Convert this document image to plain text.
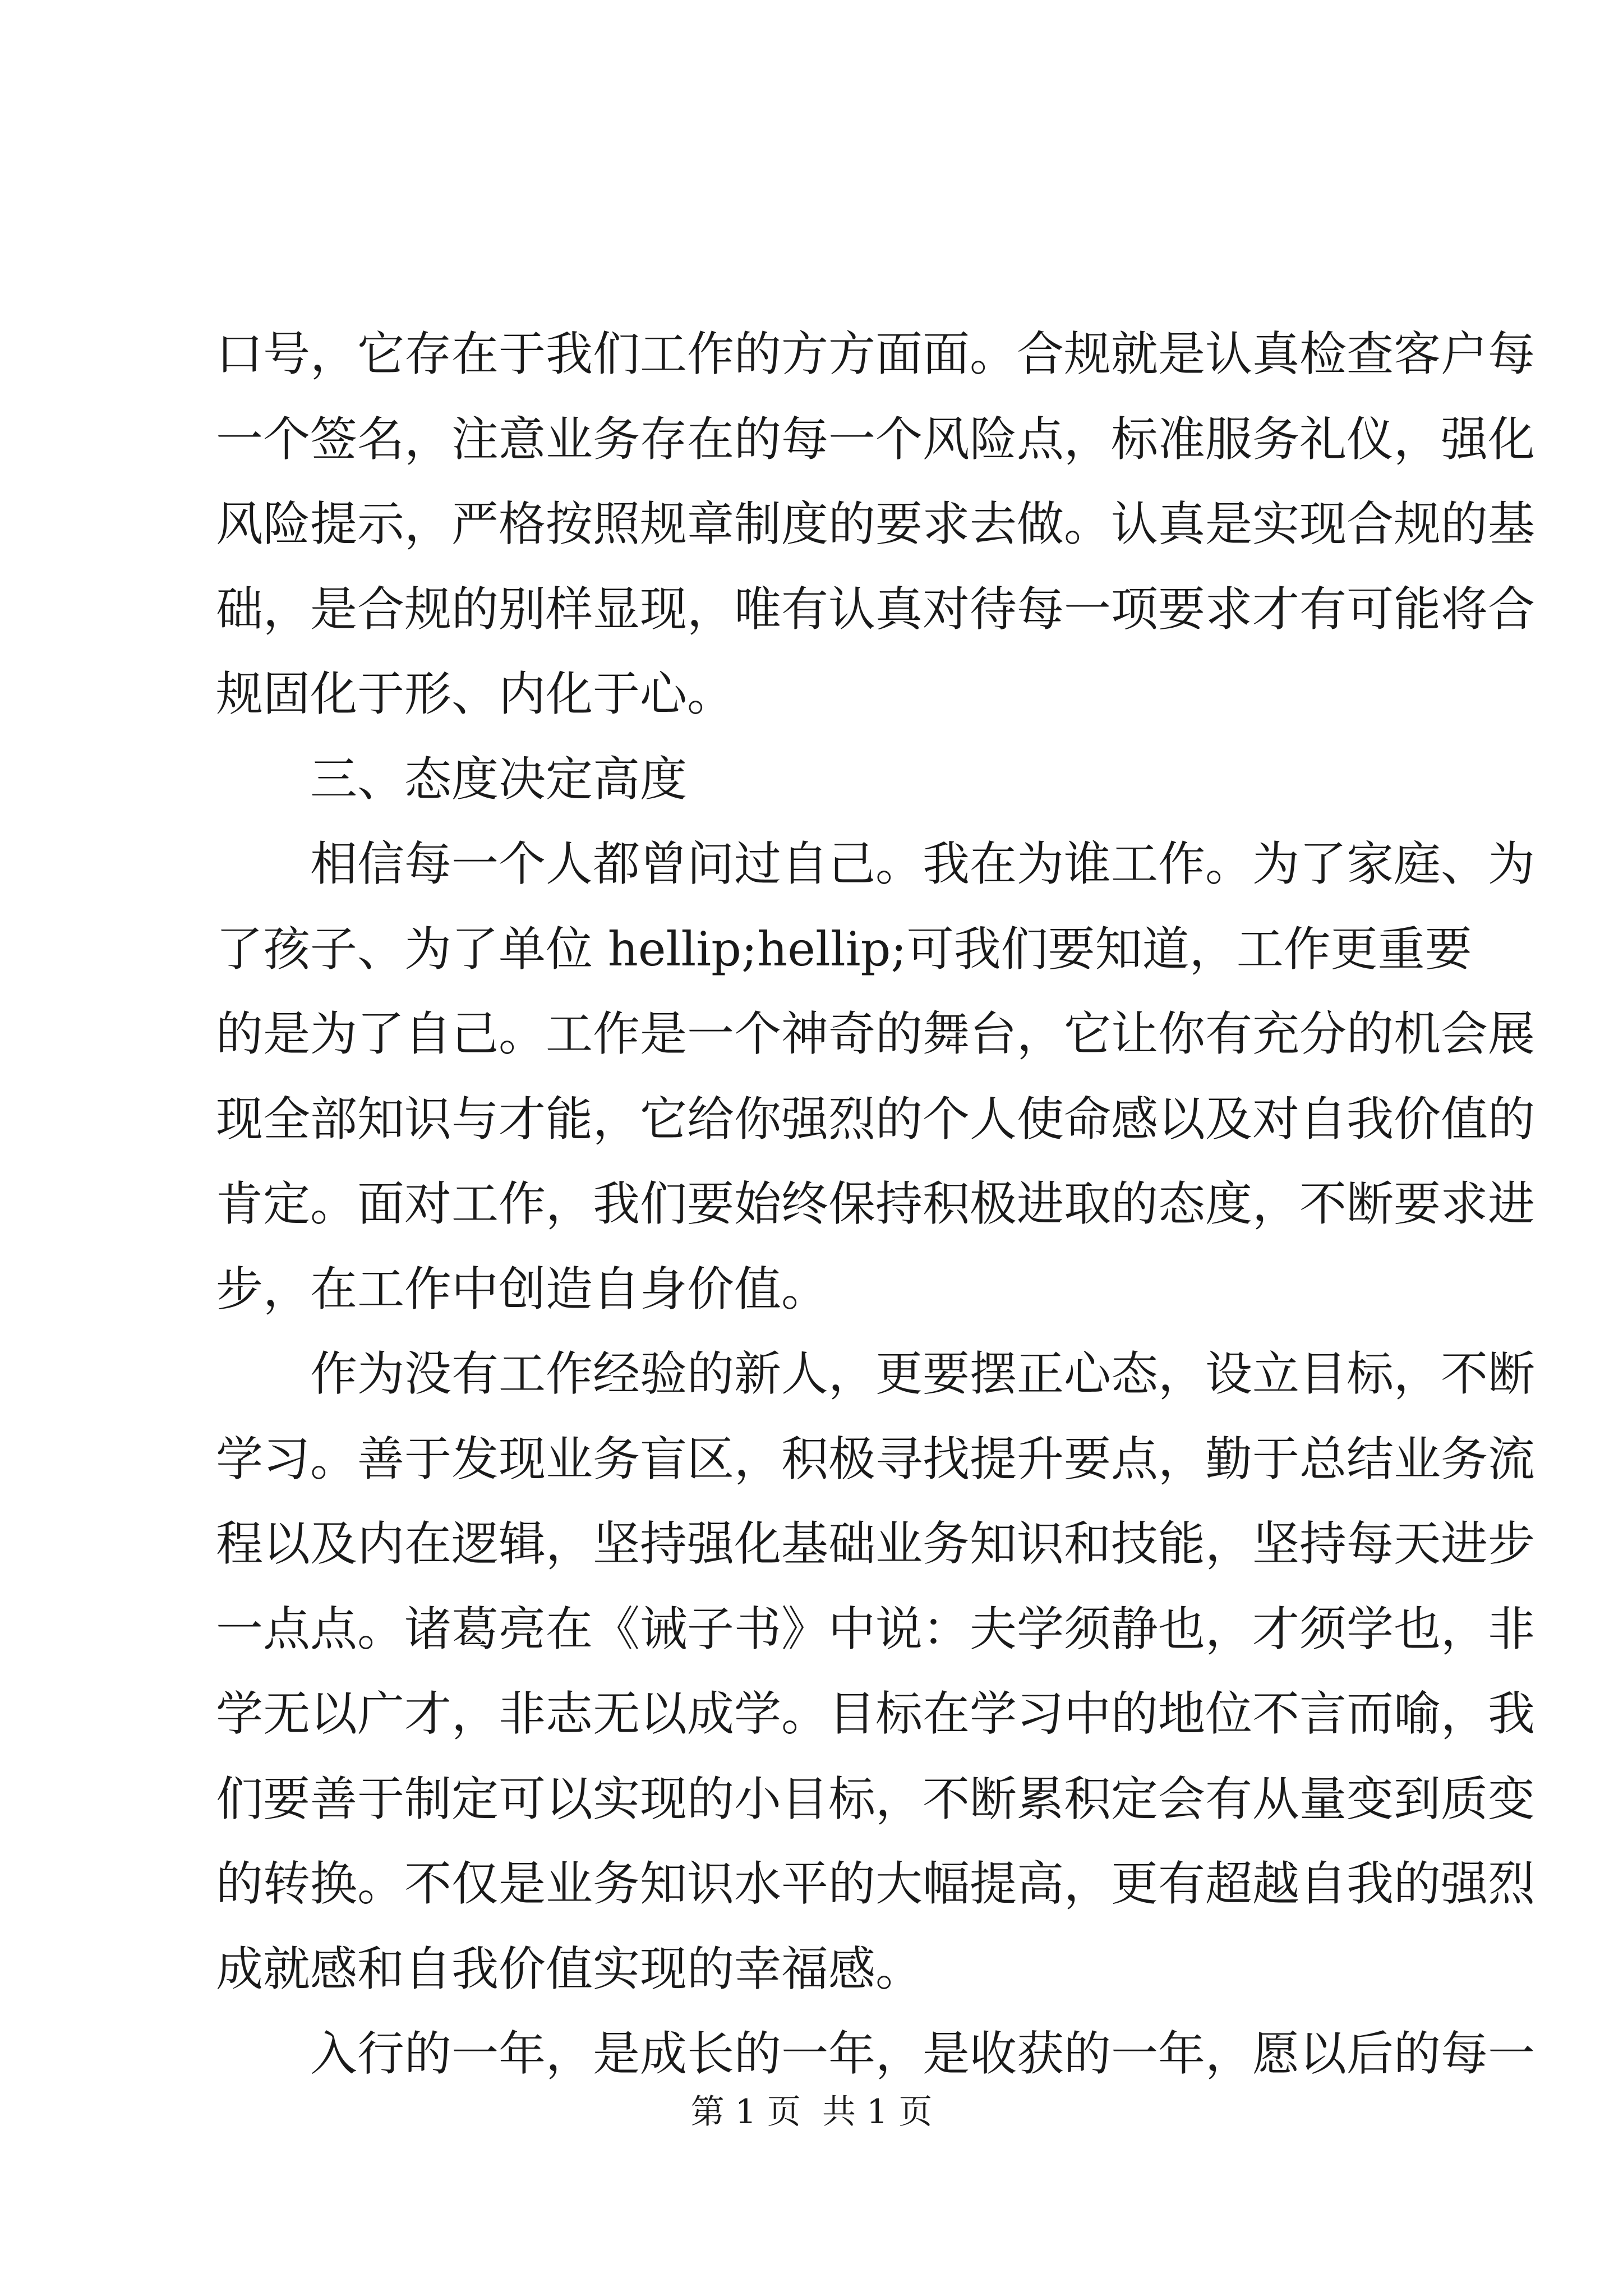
口号，它存在于我们工作的方方面面。合规就是认真检查客户每

一个签名，注意业务存在的每一个风险点，标准服务礼仪，强化

风险提示，严格按照规章制度的要求去做。认真是实现合规的基

础，是合规的别样显现，唯有认真对待每一项要求才有可能将合

规固化于形、内化于心。

三、态度决定高度

相信每一个人都曾问过自己。我在为谁工作。为了家庭、为

了孩子、为了单位 hellip;hellip;可我们要知道，工作更重要

的是为了自己。工作是一个神奇的舞台，它让你有充分的机会展

现全部知识与才能，它给你强烈的个人使命感以及对自我价值的

肯定。面对工作，我们要始终保持积极进取的态度，不断要求进

步，在工作中创造自身价值。

作为没有工作经验的新人，更要摆正心态，设立目标，不断

学习。善于发现业务盲区，积极寻找提升要点，勤于总结业务流

程以及内在逻辑，坚持强化基础业务知识和技能，坚持每天进步

一点点。诸葛亮在《诫子书》中说：夫学须静也，才须学也，非

学无以广才，非志无以成学。目标在学习中的地位不言而喻，我

们要善于制定可以实现的小目标，不断累积定会有从量变到质变

的转换。不仅是业务知识水平的大幅提高，更有超越自我的强烈

成就感和自我价值实现的幸福感。

入行的一年，是成长的一年，是收获的一年，愿以后的每一

第 1 页  共 1 页
